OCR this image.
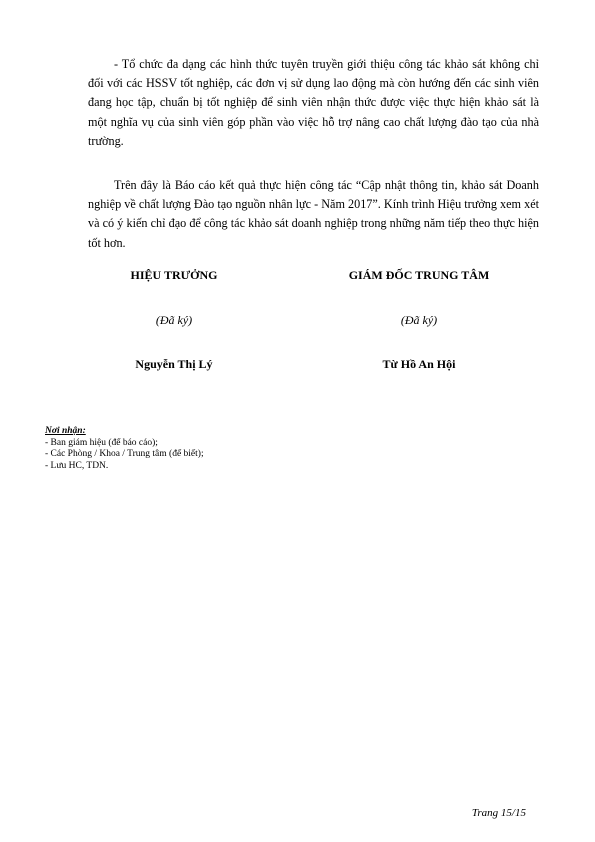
- Tổ chức đa dạng các hình thức tuyên truyền giới thiệu công tác khảo sát không chỉ đối với các HSSV tốt nghiệp, các đơn vị sử dụng lao động mà còn hướng đến các sinh viên đang học tập, chuẩn bị tốt nghiệp để sinh viên nhận thức được việc thực hiện khảo sát là một nghĩa vụ của sinh viên góp phần vào việc hỗ trợ nâng cao chất lượng đào tạo của nhà trường.

Trên đây là Báo cáo kết quả thực hiện công tác “Cập nhật thông tin, khảo sát Doanh nghiệp về chất lượng Đào tạo nguồn nhân lực - Năm 2017”. Kính trình Hiệu trưởng xem xét và có ý kiến chỉ đạo để công tác khảo sát doanh nghiệp trong những năm tiếp theo thực hiện tốt hơn.

HIỆU TRƯỞNG
(Đã ký)
Nguyễn Thị Lý
GIÁM ĐỐC TRUNG TÂM
(Đã ký)
Từ Hồ An Hội
Nơi nhận:
- Ban giám hiệu (để báo cáo);
- Các Phòng / Khoa / Trung tâm (để biết);
- Lưu HC, TDN.
Trang 15/15
